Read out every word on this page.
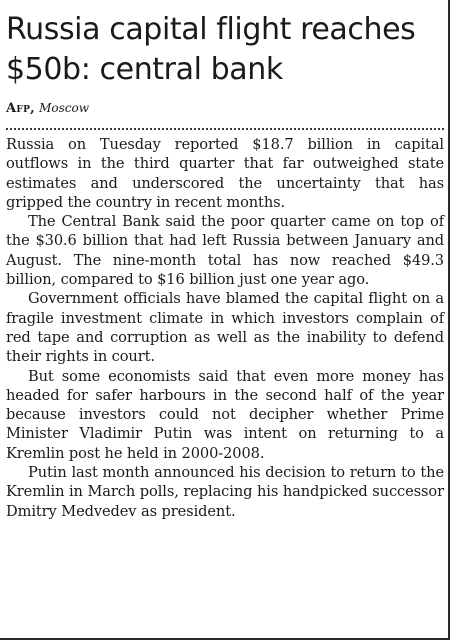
Russia capital flight reaches $50b: central bank
Afp, Moscow

Russia on Tuesday reported $18.7 billion in capital outflows in the third quarter that far outweighed state estimates and underscored the uncertainty that has gripped the country in recent months.

The Central Bank said the poor quarter came on top of the $30.6 billion that had left Russia between January and August. The nine-month total has now reached $49.3 billion, compared to $16 billion just one year ago.

Government officials have blamed the capital flight on a fragile investment climate in which investors complain of red tape and corruption as well as the inability to defend their rights in court.

But some economists said that even more money has headed for safer harbours in the second half of the year because investors could not decipher whether Prime Minister Vladimir Putin was intent on returning to a Kremlin post he held in 2000-2008.

Putin last month announced his decision to return to the Kremlin in March polls, replacing his handpicked successor Dmitry Medvedev as president.
